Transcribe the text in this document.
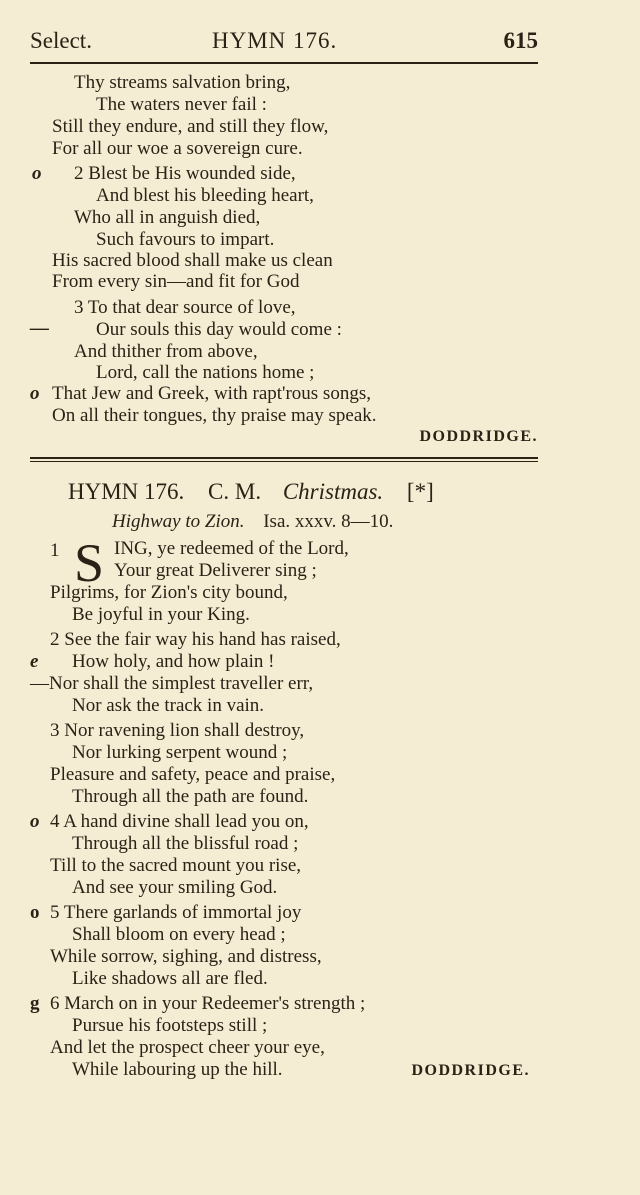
Select.	HYMN 176.	615
Thy streams salvation bring,
The waters never fail :
Still they endure, and still they flow,
For all our woe a sovereign cure.
o 2 Blest be His wounded side,
And blest his bleeding heart,
Who all in anguish died,
Such favours to impart.
His sacred blood shall make us clean
From every sin—and fit for God
3 To that dear source of love,
— Our souls this day would come :
And thither from above,
Lord, call the nations home ;
o That Jew and Greek, with rapt'rous songs,
On all their tongues, thy praise may speak.
DODDRIDGE.
HYMN 176. C. M. Christmas. [*]
Highway to Zion. Isa. xxxv. 8—10.
1 S ING, ye redeemed of the Lord,
Your great Deliverer sing ;
Pilgrims, for Zion's city bound,
Be joyful in your King.
2 See the fair way his hand has raised,
e How holy, and how plain !
—Nor shall the simplest traveller err,
Nor ask the track in vain.
3 Nor ravening lion shall destroy,
Nor lurking serpent wound ;
Pleasure and safety, peace and praise,
Through all the path are found.
o 4 A hand divine shall lead you on,
Through all the blissful road ;
Till to the sacred mount you rise,
And see your smiling God.
o 5 There garlands of immortal joy
Shall bloom on every head ;
While sorrow, sighing, and distress,
Like shadows all are fled.
g 6 March on in your Redeemer's strength ;
Pursue his footsteps still ;
And let the prospect cheer your eye,
While labouring up the hill.	DODDRIDGE.
